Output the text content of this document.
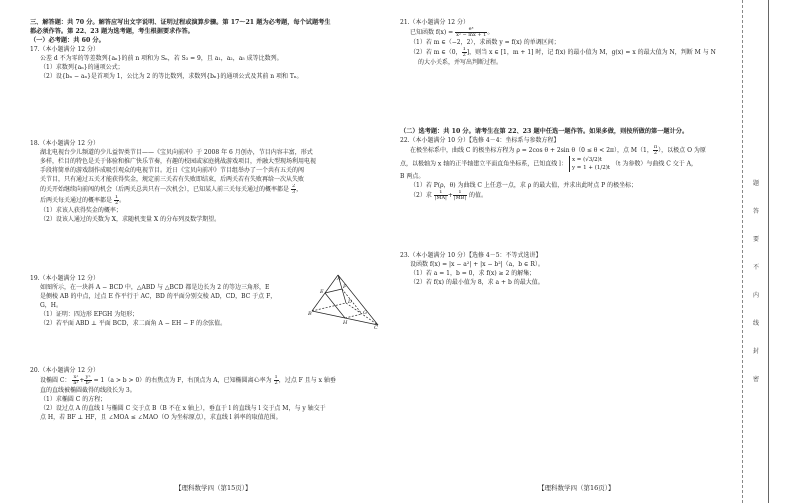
三、解答题：共 70 分。解答应写出文字说明、证明过程或演算步骤。第 17～21 题为必考题，每个试题考生
都必须作答。第 22、23 题为选考题，考生根据要求作答。
（一）必考题：共 60 分。
17.（本小题满分 12 分）
公差 d 不为零的等差数列{aₙ}的前 n 项和为 Sₙ，若 S₃ = 9，且 a₁，a₂，a₅ 成等比数列。
（1）求数列{aₙ}的通项公式；
（2）设{bₙ − aₙ}是首项为 1，公比为 2 的等比数列，求数列{bₙ}的通项公式及其前 n 项和 Tₙ。
18.（本小题满分 12 分）
湖北电视台少儿频道的少儿益智类节目——《宝贝向前冲》于 2008 年 6 月创办，节目内容丰富，形式
多样，栏目的特色是关于体验和推广快乐节奏，有趣的校园或家庭挑战游戏项目，并融大型现场利用电视
手段将简单的游戏制作成吸引观众的电视节目。近日《宝贝向前冲》节目组举办了一个共有五关的闯
关节目，只有通过五关才能获得奖金，规定前三关若有失败即结束，后两关若有失败再给一次从失败
的关开始继续向前闯的机会（后两关总共只有一次机会），已知某人前三关每关通过的概率都是 $\frac{2}{3}$ ，
后两关每关通过的概率都是 $\frac{1}{2}$ 。
（1）求该人获得奖金的概率；
（2）设该人通过的关数为 X，求随机变量 X 的分布列及数学期望。
19.（本小题满分 12 分）
如图所示，在一块斜 A − BCD 中，△ABD 与 △BCD 都是边长为 2 的等边三角形，E
是侧棱 AB 的中点，过点 E 作平行于 AC，BD 的平面分别交棱 AD，CD，BC 于点 F，
G，H。
（1）证明：四边形 EFGH 为矩形；
（2）若平面 ABD ⊥ 平面 BCD，求二面角 A − EH − F 的余弦值。
20.（本小题满分 12 分）
设椭圆 C： $\frac{\text{x²}}{\text{a²}} + \frac{\text{y²}}{\text{b²}} = 1(a > b > 0)$的右焦点为 F，右顶点为 A，已知椭圆离心率为 $\frac{1}{2}$ ，过点 F 且与 x 轴垂
直的直线被椭圆截得的线段长为 3。
（1）求椭圆 C 的方程；
（2）设过点 A 的直线 l 与椭圆 C 交于点 B（B 不在 x 轴上），垂直于 l 的直线与 l 交于点 M，与 y 轴交于
点 H，若 BF ⊥ HF，且 ∠MOA ≤ ∠MAO（O 为坐标原点），求直线 l 斜率的取值范围。
A
E
F
B
H
G
D
C
21.（本小题满分 12 分）
已知函数 $f(x) = \frac{\text{eˣ}}{\text{x² − mx + 1}}$ 。
（1）若 m ∈（−2，2），求函数 y = f(x) 的单调区间；
（2）若 m ∈（0， $\frac{1}{2}$ ]，则当 x ∈ [1，m + 1] 时，记 f(x) 的最小值为 M，g(x) = x 的最大值为 N，判断 M 与 N
的大小关系，并写出判断过程。
（二）选考题：共 10 分。请考生在第 22、23 题中任选一题作答。如果多做，则按所做的第一题计分。
22.（本小题满分 10 分）【选修 4－4：坐标系与参数方程】
在极坐标系中，曲线 C 的极坐标方程为 ρ = 2cos θ + 2sin θ（0 ≤ θ < 2π），点 M（1， $\frac{\pi}{2}$ ），以极点 O 为原
点，以极轴为 x 轴的正半轴建立平面直角坐标系，已知直线 l：
x = (√3/2)t
y = 1 + (1/2)t
（t 为参数）与曲线 C 交于 A，
B 两点。
（1）若 P(ρ，θ) 为曲线 C 上任意一点，求 ρ 的最大值，并求出此时点 P 的极坐标；
（2）求 $\frac{1}{|MA|} + \frac{1}{|MB|}$ 的值。
23.（本小题满分 10 分）【选修 4－5：不等式选讲】
设函数 f(x) = |x − a²| + |x − b²|（a，b ∈ R）。
（1）若 a = 1，b = 0，求 f(x) ≥ 2 的解集；
（2）若 f(x) 的最小值为 8，求 a + b 的最大值。
【理科数学四（第15页）】	【理科数学四（第16页）】
题
答
要
不
内
线
封
密
